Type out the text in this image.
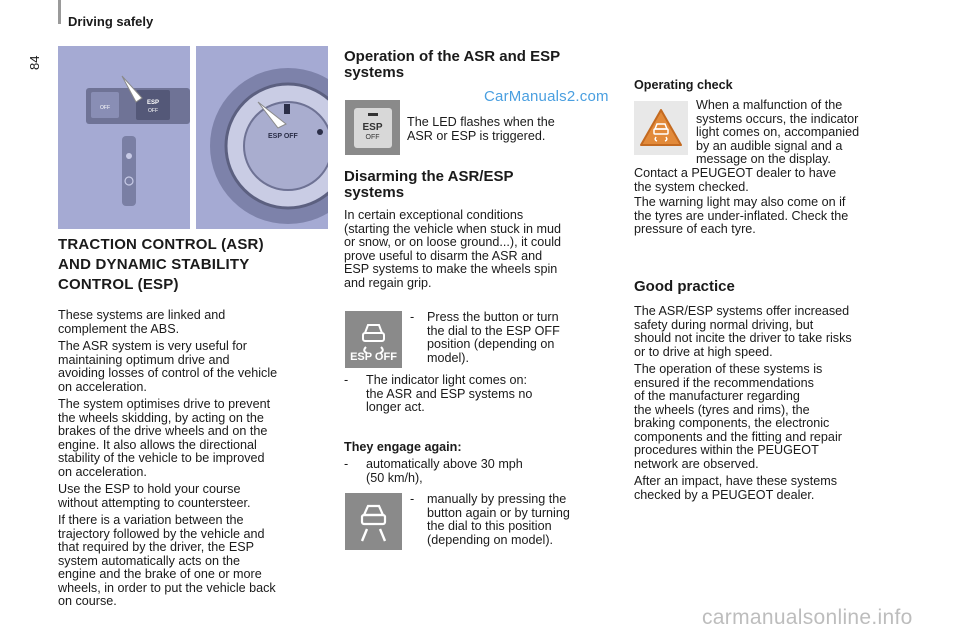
Driving safely
84
OFF
ESP
OFF
ESP OFF
TRACTION CONTROL (ASR)
AND DYNAMIC STABILITY
CONTROL (ESP)
These systems are linked and
complement the ABS.
The ASR system is very useful for
maintaining optimum drive and
avoiding losses of control of the vehicle
on acceleration.
The system optimises drive to prevent
the wheels skidding, by acting on the
brakes of the drive wheels and on the
engine. It also allows the directional
stability of the vehicle to be improved
on acceleration.
Use the ESP to hold your course
without attempting to countersteer.
If there is a variation between the
trajectory followed by the vehicle and
that required by the driver, the ESP
system automatically acts on the
engine and the brake of one or more
wheels, in order to put the vehicle back
on course.
Operation of the ASR and ESP
systems
CarManuals2.com
ESP
OFF
The LED flashes when the
ASR or ESP is triggered.
Disarming the ASR/ESP
systems
In certain exceptional conditions
(starting the vehicle when stuck in mud
or snow, or on loose ground...), it could
prove useful to disarm the ASR and
ESP systems to make the wheels spin
and regain grip.
ESP OFF
-	Press the button or turn
the dial to the ESP OFF
position (depending on
model).
-	The indicator light comes on:
the ASR and ESP systems no
longer act.
They engage again:
-	automatically above 30 mph
(50 km/h),
-	manually by pressing the
button again or by turning
the dial to this position
(depending on model).
Operating check
When a malfunction of the
systems occurs, the indicator
light comes on, accompanied
by an audible signal and a
message on the display.
Contact a PEUGEOT dealer to have
the system checked.
The warning light may also come on if
the tyres are under-inflated. Check the
pressure of each tyre.
Good practice
The ASR/ESP systems offer increased
safety during normal driving, but
should not incite the driver to take risks
or to drive at high speed.
The operation of these systems is
ensured if the recommendations
of the manufacturer regarding
the wheels (tyres and rims), the
braking components, the electronic
components and the fitting and repair
procedures within the PEUGEOT
network are observed.
After an impact, have these systems
checked by a PEUGEOT dealer.
carmanualsonline.info
